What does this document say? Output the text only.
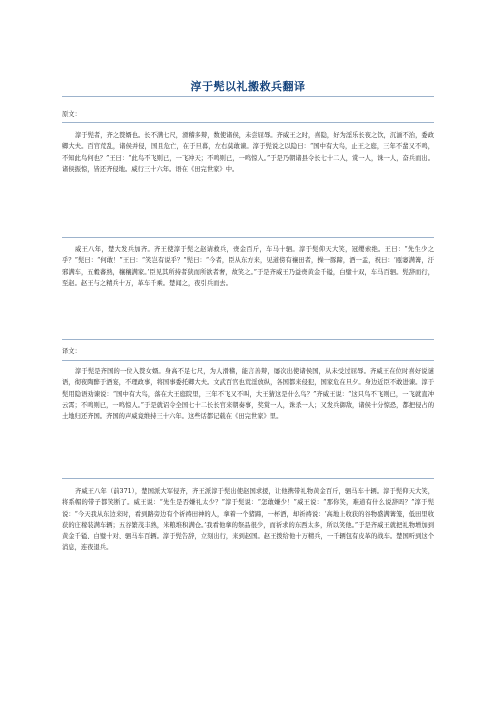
淳于髡以礼搬救兵翻译
原文：

淳于髡者，齐之赘婿也。长不满七尺，滑稽多辩，数使诸侯，未尝屈辱。齐威王之时，喜隐，好为淫乐长夜之饮，沉湎不治，委政卿大夫。百官荒乱，诸侯并侵，国且危亡，在于旦暮，左右莫敢谏。淳于髡说之以隐曰：“国中有大鸟，止王之庭，三年不蜚又不鸣，不知此鸟何也？”王曰：“此鸟不飞则已，一飞冲天；不鸣则已，一鸣惊人。”于是乃朝诸县令长七十二人，赏一人，诛一人，奋兵而出。诸侯振惊，皆还齐侵地。威行三十六年。语在《田完世家》中。

威王八年，楚大发兵加齐。齐王使淳于髡之赵请救兵，赍金百斤，车马十驷。淳于髡仰天大笑，冠缨索绝。王曰：“先生少之乎？”髡曰：“何敢！”王曰：“笑岂有说乎？”髡曰：“今者，臣从东方来，见道傍有禳田者，操一豚蹄，酒一盂，祝曰：‘瓯窭满篝，汙邪满车，五穀蕃熟，穰穰满家。’臣见其所持者狭而所欲者奢，故笑之。”于是齐威王乃益赍黄金千镒，白璧十双，车马百驷。髡辞而行，至赵。赵王与之精兵十万，革车千乘。楚闻之，夜引兵而去。

译文：

淳于髡是齐国的一位入赘女婿。身高不足七尺，为人滑稽，能言善辩，屡次出使诸侯国，从未受过屈辱。齐威王在位时喜好说谜语，彻夜陶醉于酒宴，不理政事，将国事委托卿大夫。文武百官也荒淫放纵，各国都来侵犯，国家危在旦夕。身边近臣不敢进谏。淳于髡用隐语劝谏说：“国中有大鸟，落在大王庭院里，三年不飞又不叫，大王猜这是什么鸟？”齐威王说：“这只鸟不飞则已，一飞就直冲云霄；不鸣则已，一鸣惊人。”于是就诏令全国七十二长长官来朝奏事，奖赏一人，诛杀一人；又发兵御敌，诸侯十分惊恐，都把侵占的土地归还齐国。齐国的声威竟维持三十六年。这些话都记载在《田完世家》里。

齐威王八年（前371），楚国派大军侵齐，齐王派淳于髡出使赵国求援，让他携带礼物黄金百斤，驷马车十辆。淳于髡仰天大笑，将系帽的带子都笑断了。威王说：“先生是否嫌礼太少？”淳于髡说：“怎敢嫌少！”威王说：“那你笑，难道有什么说辞吗？”淳于髡说：“今天我从东边来时，看到路旁边有个祈祷田神的人，拿着一个猪蹄，一杯酒，却祈祷说：‘高地上收获的谷物盛满篝笼，低田里收获的庄稼装满车辆；五谷繁茂丰熟，米粮堆积满仓。’我看他拿的祭品很少，而祈求的东西太多，所以笑他。”于是齐威王就把礼物增加到黄金千镒、白璧十对、驷马车百辆。淳于髡告辞，立刻出行，来到赵国。赵王拨给他十万精兵，一千辆包有皮革的战车。楚国听到这个消息，连夜退兵。
